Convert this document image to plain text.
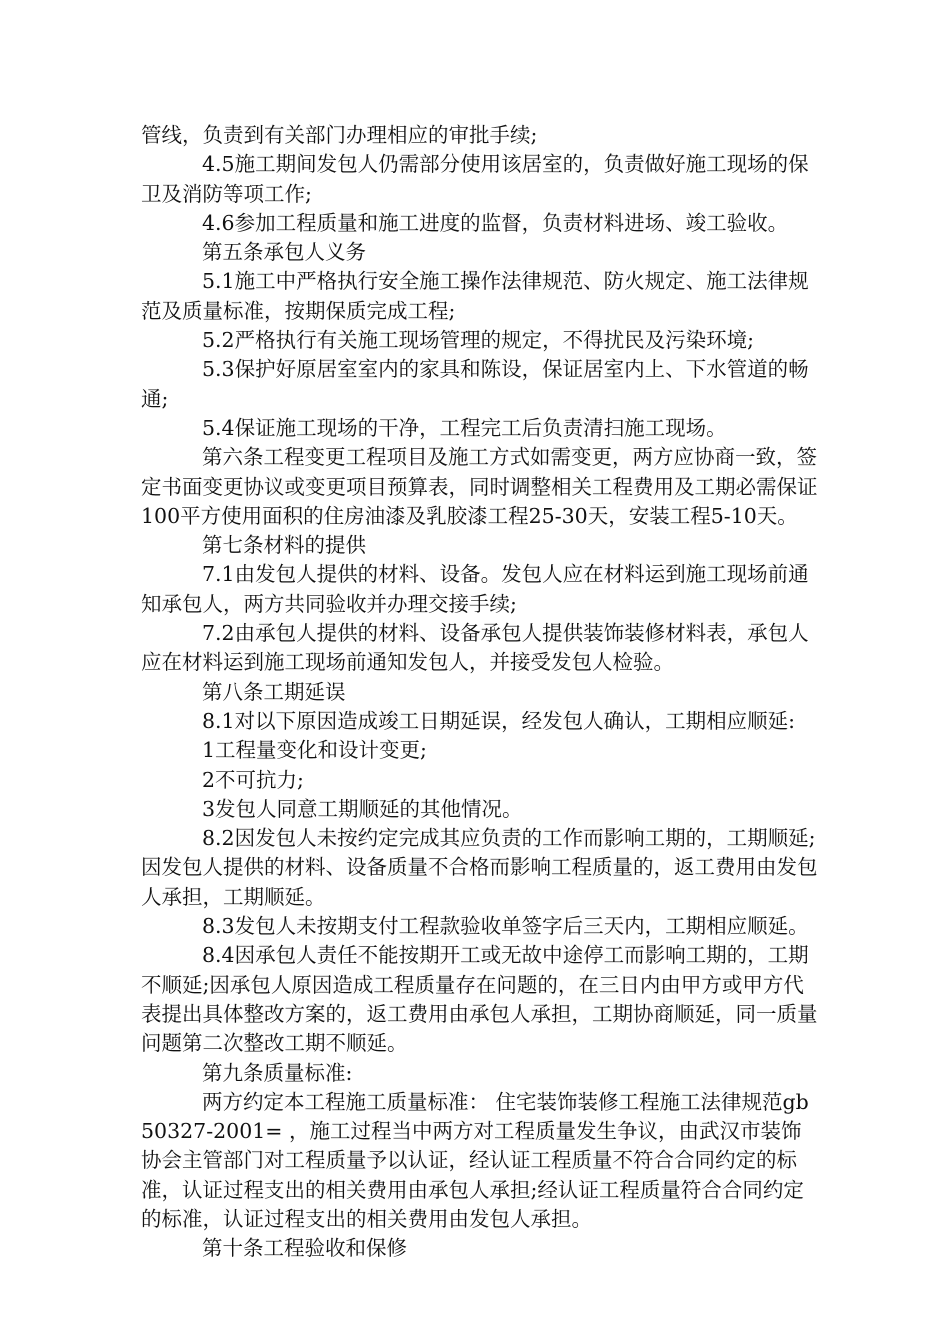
管线，负责到有关部门办理相应的审批手续;

4.5施工期间发包人仍需部分使用该居室的，负责做好施工现场的保卫及消防等项工作;

4.6参加工程质量和施工进度的监督，负责材料进场、竣工验收。

第五条承包人义务

5.1施工中严格执行安全施工操作法律规范、防火规定、施工法律规范及质量标准，按期保质完成工程;

5.2严格执行有关施工现场管理的规定，不得扰民及污染环境;

5.3保护好原居室室内的家具和陈设，保证居室内上、下水管道的畅通;

5.4保证施工现场的干净，工程完工后负责清扫施工现场。

第六条工程变更工程项目及施工方式如需变更，两方应协商一致，签定书面变更协议或变更项目预算表，同时调整相关工程费用及工期必需保证100平方使用面积的住房油漆及乳胶漆工程25-30天，安装工程5-10天。

第七条材料的提供

7.1由发包人提供的材料、设备。发包人应在材料运到施工现场前通知承包人，两方共同验收并办理交接手续;

7.2由承包人提供的材料、设备承包人提供装饰装修材料表，承包人应在材料运到施工现场前通知发包人，并接受发包人检验。

第八条工期延误

8.1对以下原因造成竣工日期延误，经发包人确认，工期相应顺延:

1工程量变化和设计变更;

2不可抗力;

3发包人同意工期顺延的其他情况。

8.2因发包人未按约定完成其应负责的工作而影响工期的，工期顺延;因发包人提供的材料、设备质量不合格而影响工程质量的，返工费用由发包人承担，工期顺延。

8.3发包人未按期支付工程款验收单签字后三天内，工期相应顺延。

8.4因承包人责任不能按期开工或无故中途停工而影响工期的，工期不顺延;因承包人原因造成工程质量存在问题的，在三日内由甲方或甲方代表提出具体整改方案的，返工费用由承包人承担，工期协商顺延，同一质量问题第二次整改工期不顺延。

第九条质量标准:

两方约定本工程施工质量标准： 住宅装饰装修工程施工法律规范gb50327-2001= ，施工过程当中两方对工程质量发生争议，由武汉市装饰协会主管部门对工程质量予以认证，经认证工程质量不符合合同约定的标准，认证过程支出的相关费用由承包人承担;经认证工程质量符合合同约定的标准，认证过程支出的相关费用由发包人承担。

第十条工程验收和保修
